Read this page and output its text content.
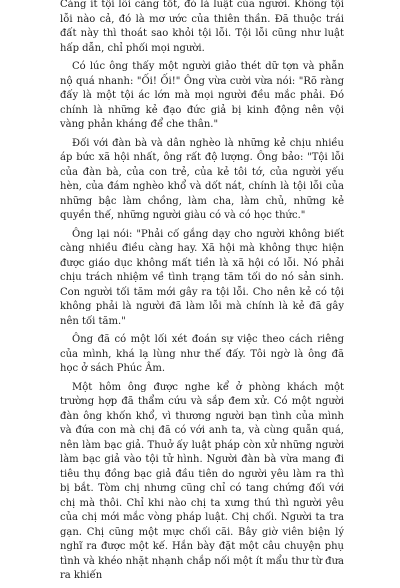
Càng ít tội lỗi càng tốt, đó là luật của người. Không tội lỗi nào cả, đó là mơ ước của thiên thần. Đã thuộc trái đất này thì thoát sao khỏi tội lỗi. Tội lỗi cũng như luật hấp dẫn, chỉ phối mọi người.

Có lúc ông thấy một người giảo thét dữ tợn và phẫn nộ quá nhanh: "Ối! Ối!" Ông vừa cười vừa nói: "Rõ ràng đấy là một tội ác lớn mà mọi người đều mắc phải. Đó chính là những kẻ đạo đức giả bị kinh động nên vội vàng phản kháng để che thân."

Đối với đàn bà và dân nghèo là những kẻ chịu nhiều áp bức xã hội nhất, ông rất độ lượng. Ông bảo: "Tội lỗi của đàn bà, của con trẻ, của kẻ tôi tớ, của người yếu hèn, của đám nghèo khổ và dốt nát, chính là tội lỗi của những bậc làm chồng, làm cha, làm chủ, những kẻ quyền thế, những người giàu có và có học thức."

Ông lại nói: "Phải cố gắng dạy cho người không biết càng nhiều điều càng hay. Xã hội mà không thực hiện được giáo dục không mất tiền là xã hội có lỗi. Nó phải chịu trách nhiệm về tình trạng tăm tối do nó sản sinh. Con người tối tăm mới gây ra tội lỗi. Cho nên kẻ có tội không phải là người đã làm lỗi mà chính là kẻ đã gây nên tối tăm."

Ông đã có một lối xét đoán sự việc theo cách riêng của mình, khá lạ lùng như thế đấy. Tôi ngờ là ông đã học ở sách Phúc Âm.

Một hôm ông được nghe kể ở phòng khách một trường hợp đã thẩm cứu và sắp đem xử. Có một người đàn ông khốn khổ, vì thương người bạn tình của mình và đứa con mà chị đã có với anh ta, và cùng quẫn quá, nên làm bạc giả. Thuở ấy luật pháp còn xử những người làm bạc giả vào tội tử hình. Người đàn bà vừa mang đi tiêu thụ đồng bạc giả đầu tiên do người yêu làm ra thì bị bắt. Tòm chị nhưng cũng chỉ có tang chứng đối với chị mà thôi. Chỉ khi nào chị ta xưng thú thì người yêu của chị mới mắc vòng pháp luật. Chị chối. Người ta tra gạn. Chị cũng một mực chối cãi. Bây giờ viên biện lý nghĩ ra được một kế. Hắn bày đặt một câu chuyện phụ tình và khéo nhặt nhạnh chắp nối một ít mẩu thư từ đưa ra khiến
